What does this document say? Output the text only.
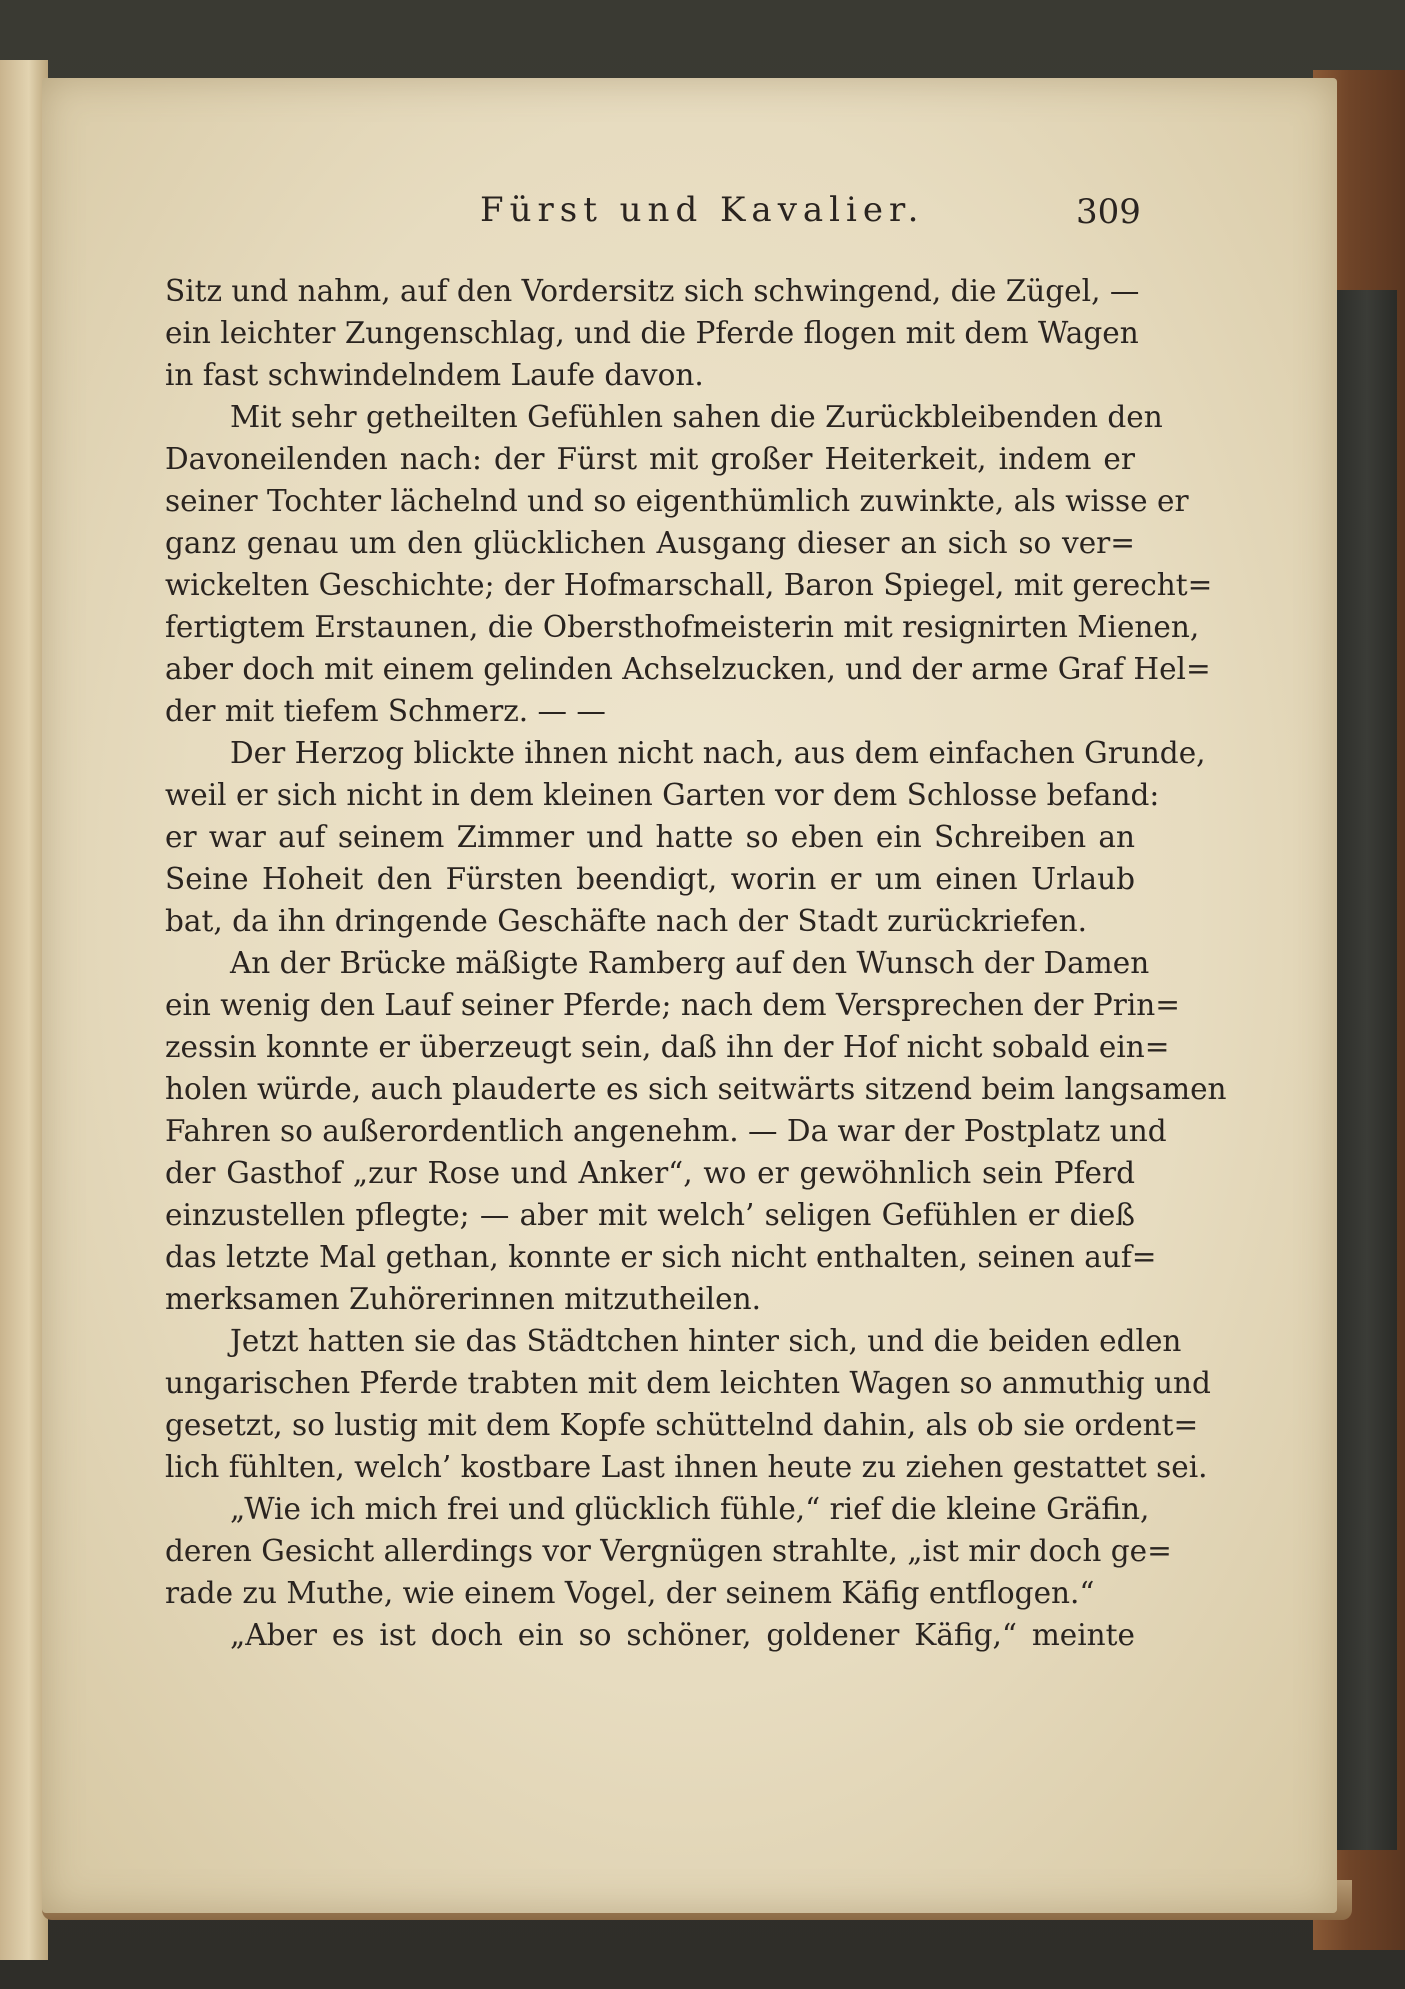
Fürst und Kavalier.	309
Sitz und nahm, auf den Vordersitz sich schwingend, die Zügel, —
ein leichter Zungenschlag, und die Pferde flogen mit dem Wagen
in fast schwindelndem Laufe davon.
Mit sehr getheilten Gefühlen sahen die Zurückbleibenden den
Davoneilenden nach: der Fürst mit großer Heiterkeit, indem er
seiner Tochter lächelnd und so eigenthümlich zuwinkte, als wisse er
ganz genau um den glücklichen Ausgang dieser an sich so ver=
wickelten Geschichte; der Hofmarschall, Baron Spiegel, mit gerecht=
fertigtem Erstaunen, die Obersthofmeisterin mit resignirten Mienen,
aber doch mit einem gelinden Achselzucken, und der arme Graf Hel=
der mit tiefem Schmerz. — —
Der Herzog blickte ihnen nicht nach, aus dem einfachen Grunde,
weil er sich nicht in dem kleinen Garten vor dem Schlosse befand:
er war auf seinem Zimmer und hatte so eben ein Schreiben an
Seine Hoheit den Fürsten beendigt, worin er um einen Urlaub
bat, da ihn dringende Geschäfte nach der Stadt zurückriefen.
An der Brücke mäßigte Ramberg auf den Wunsch der Damen
ein wenig den Lauf seiner Pferde; nach dem Versprechen der Prin=
zessin konnte er überzeugt sein, daß ihn der Hof nicht sobald ein=
holen würde, auch plauderte es sich seitwärts sitzend beim langsamen
Fahren so außerordentlich angenehm. — Da war der Postplatz und
der Gasthof „zur Rose und Anker“, wo er gewöhnlich sein Pferd
einzustellen pflegte; — aber mit welch’ seligen Gefühlen er dieß
das letzte Mal gethan, konnte er sich nicht enthalten, seinen auf=
merksamen Zuhörerinnen mitzutheilen.
Jetzt hatten sie das Städtchen hinter sich, und die beiden edlen
ungarischen Pferde trabten mit dem leichten Wagen so anmuthig und
gesetzt, so lustig mit dem Kopfe schüttelnd dahin, als ob sie ordent=
lich fühlten, welch’ kostbare Last ihnen heute zu ziehen gestattet sei.
„Wie ich mich frei und glücklich fühle,“ rief die kleine Gräfin,
deren Gesicht allerdings vor Vergnügen strahlte, „ist mir doch ge=
rade zu Muthe, wie einem Vogel, der seinem Käfig entflogen.“
„Aber es ist doch ein so schöner, goldener Käfig,“ meinte
